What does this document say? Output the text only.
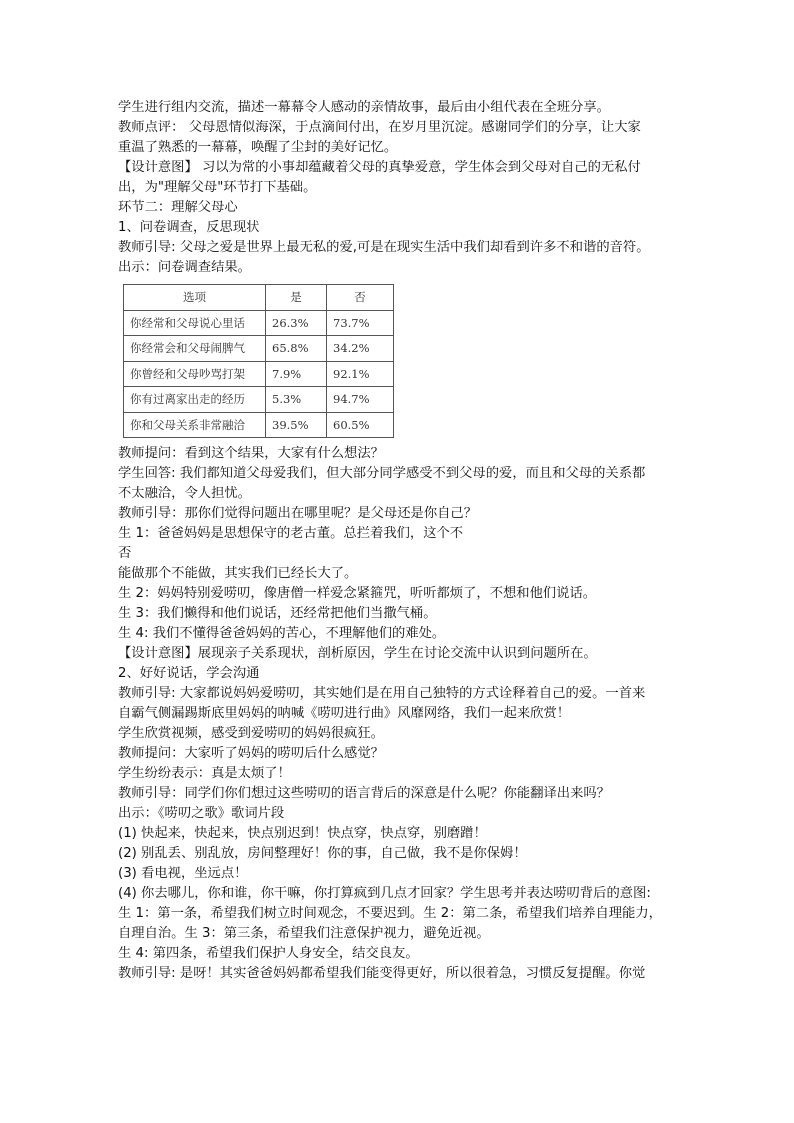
学生进行组内交流，描述一幕幕令人感动的亲情故事，最后由小组代表在全班分享。
教师点评： 父母恩情似海深，于点滴间付出，在岁月里沉淀。感谢同学们的分享，让大家
重温了熟悉的一幕幕，唤醒了尘封的美好记忆。
【设计意图】 习以为常的小事却蕴藏着父母的真挚爱意，学生体会到父母对自己的无私付
出，为"理解父母"环节打下基础。
环节二：理解父母心
1、问卷调查，反思现状
教师引导: 父母之爱是世界上最无私的爱,可是在现实生活中我们却看到许多不和谐的音符。
出示：问卷调查结果。
选项	是	否
你经常和父母说心里话	26.3%	73.7%
你经常会和父母闹脾气	65.8%	34.2%
你曾经和父母吵骂打架	7.9%	92.1%
你有过离家出走的经历	5.3%	94.7%
你和父母关系非常融洽	39.5%	60.5%
教师提问：看到这个结果，大家有什么想法？
学生回答: 我们都知道父母爱我们，但大部分同学感受不到父母的爱，而且和父母的关系都
不太融洽，令人担忧。
教师引导：那你们觉得问题出在哪里呢？是父母还是你自己？
生 1：爸爸妈妈是思想保守的老古董。总拦着我们，这个不
否
能做那个不能做，其实我们已经长大了。
生 2：妈妈特别爱唠叨，像唐僧一样爱念紧箍咒，听听都烦了，不想和他们说话。
生 3：我们懒得和他们说话，还经常把他们当撒气桶。
生 4: 我们不懂得爸爸妈妈的苦心，不理解他们的难处。
【设计意图】展现亲子关系现状，剖析原因，学生在讨论交流中认识到问题所在。
2、好好说话，学会沟通
教师引导: 大家都说妈妈爱唠叨，其实她们是在用自己独特的方式诠释着自己的爱。一首来
自霸气侧漏踢斯底里妈妈的呐喊《唠叨进行曲》风靡网络，我们一起来欣赏！
学生欣赏视频，感受到爱唠叨的妈妈很疯狂。
教师提问：大家听了妈妈的唠叨后什么感觉？
学生纷纷表示：真是太烦了！
教师引导：同学们你们想过这些唠叨的语言背后的深意是什么呢？你能翻译出来吗？
出示：《唠叨之歌》歌词片段
(1) 快起来，快起来，快点别迟到！快点穿，快点穿，别磨蹭！
(2) 别乱丢、别乱放，房间整理好！你的事，自己做，我不是你保姆！
(3) 看电视，坐远点！
(4) 你去哪儿，你和谁，你干嘛，你打算疯到几点才回家？学生思考并表达唠叨背后的意图:
生 1：第一条，希望我们树立时间观念，不要迟到。生 2：第二条，希望我们培养自理能力，
自理自治。生 3：第三条，希望我们注意保护视力，避免近视。
生 4: 第四条，希望我们保护人身安全，结交良友。
教师引导: 是呀！其实爸爸妈妈都希望我们能变得更好，所以很着急，习惯反复提醒。你觉
